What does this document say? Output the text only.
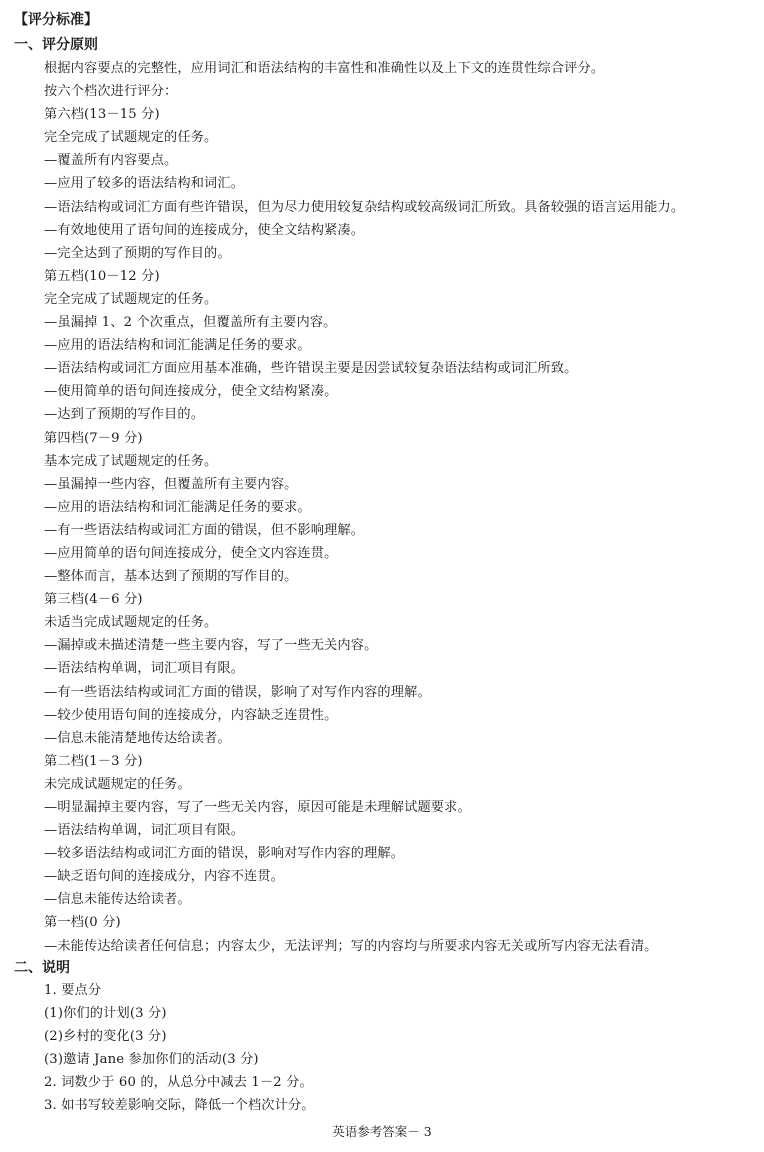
【评分标准】
一、评分原则
根据内容要点的完整性，应用词汇和语法结构的丰富性和准确性以及上下文的连贯性综合评分。
按六个档次进行评分：
第六档(13－15 分)
完全完成了试题规定的任务。
—覆盖所有内容要点。
—应用了较多的语法结构和词汇。
—语法结构或词汇方面有些许错误，但为尽力使用较复杂结构或较高级词汇所致。具备较强的语言运用能力。
—有效地使用了语句间的连接成分，使全文结构紧凑。
—完全达到了预期的写作目的。
第五档(10－12 分)
完全完成了试题规定的任务。
—虽漏掉 1、2 个次重点，但覆盖所有主要内容。
—应用的语法结构和词汇能满足任务的要求。
—语法结构或词汇方面应用基本准确，些许错误主要是因尝试较复杂语法结构或词汇所致。
—使用简单的语句间连接成分，使全文结构紧凑。
—达到了预期的写作目的。
第四档(7－9 分)
基本完成了试题规定的任务。
—虽漏掉一些内容，但覆盖所有主要内容。
—应用的语法结构和词汇能满足任务的要求。
—有一些语法结构或词汇方面的错误，但不影响理解。
—应用简单的语句间连接成分，使全文内容连贯。
—整体而言，基本达到了预期的写作目的。
第三档(4－6 分)
未适当完成试题规定的任务。
—漏掉或未描述清楚一些主要内容，写了一些无关内容。
—语法结构单调，词汇项目有限。
—有一些语法结构或词汇方面的错误，影响了对写作内容的理解。
—较少使用语句间的连接成分，内容缺乏连贯性。
—信息未能清楚地传达给读者。
第二档(1－3 分)
未完成试题规定的任务。
—明显漏掉主要内容，写了一些无关内容，原因可能是未理解试题要求。
—语法结构单调，词汇项目有限。
—较多语法结构或词汇方面的错误，影响对写作内容的理解。
—缺乏语句间的连接成分，内容不连贯。
—信息未能传达给读者。
第一档(0 分)
—未能传达给读者任何信息；内容太少，无法评判；写的内容均与所要求内容无关或所写内容无法看清。
二、说明
1. 要点分
(1)你们的计划(3 分)
(2)乡村的变化(3 分)
(3)邀请 Jane 参加你们的活动(3 分)
2. 词数少于 60 的，从总分中减去 1－2 分。
3. 如书写较差影响交际，降低一个档次计分。
英语参考答案－ 3
